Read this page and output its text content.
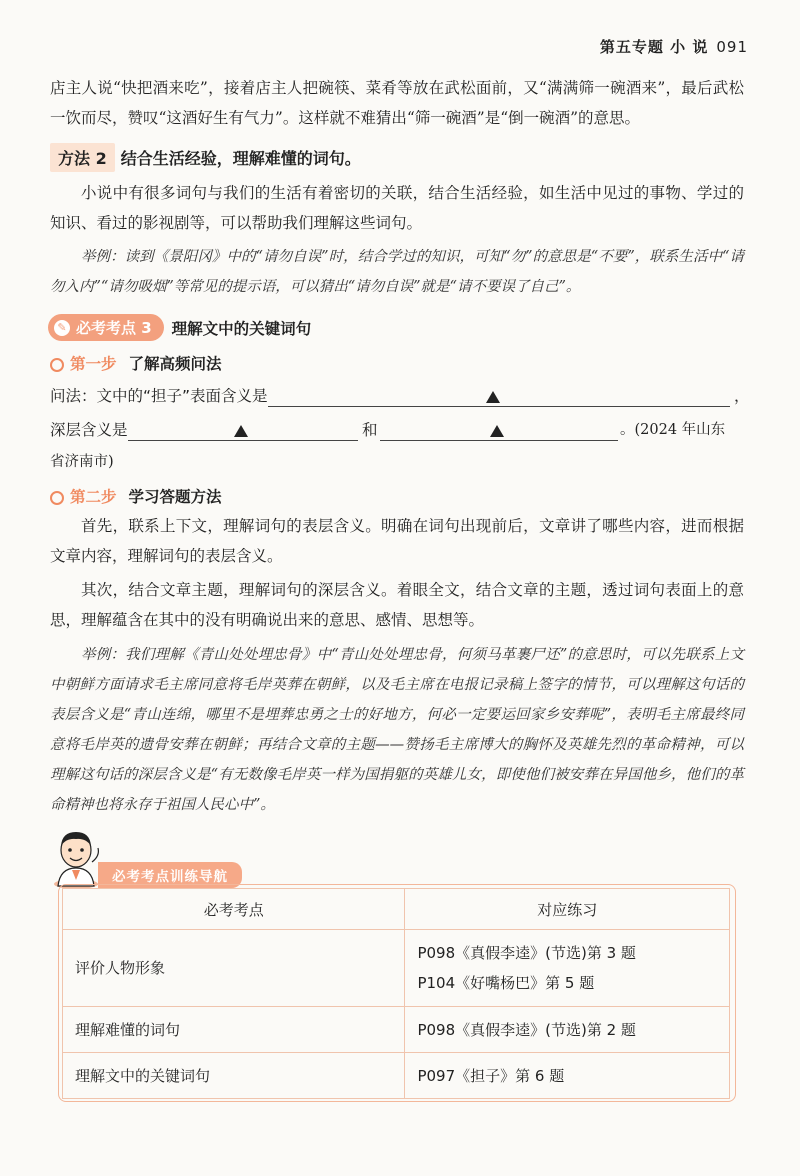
第五专题 小 说 091
店主人说“快把酒来吃”，接着店主人把碗筷、菜肴等放在武松面前，又“满满筛一碗酒来”，最后武松一饮而尽，赞叹“这酒好生有气力”。这样就不难猜出“筛一碗酒”是“倒一碗酒”的意思。
方法 2 结合生活经验，理解难懂的词句。
小说中有很多词句与我们的生活有着密切的关联，结合生活经验，如生活中见过的事物、学过的知识、看过的影视剧等，可以帮助我们理解这些词句。
举例：读到《景阳冈》中的“请勿自误”时，结合学过的知识，可知“勿”的意思是“不要”，联系生活中“请勿入内”“请勿吸烟”等常见的提示语，可以猜出“请勿自误”就是“请不要误了自己”。
✎ 必考考点 3 理解文中的关键词句
第一步 了解高频问法
问法：文中的“担子”表面含义是	，
深层含义是	和	。(2024 年山东
省济南市)
第二步 学习答题方法
首先，联系上下文，理解词句的表层含义。明确在词句出现前后，文章讲了哪些内容，进而根据文章内容，理解词句的表层含义。
其次，结合文章主题，理解词句的深层含义。着眼全文，结合文章的主题，透过词句表面上的意思，理解蕴含在其中的没有明确说出来的意思、感情、思想等。
举例：我们理解《青山处处埋忠骨》中“青山处处埋忠骨，何须马革裹尸还”的意思时，可以先联系上文中朝鲜方面请求毛主席同意将毛岸英葬在朝鲜，以及毛主席在电报记录稿上签字的情节，可以理解这句话的表层含义是“青山连绵，哪里不是埋葬忠勇之士的好地方，何必一定要运回家乡安葬呢”，表明毛主席最终同意将毛岸英的遗骨安葬在朝鲜；再结合文章的主题——赞扬毛主席博大的胸怀及英雄先烈的革命精神，可以理解这句话的深层含义是“有无数像毛岸英一样为国捐躯的英雄儿女，即使他们被安葬在异国他乡，他们的革命精神也将永存于祖国人民心中”。
必考考点训练导航
必考考点	对应练习
评价人物形象	P098《真假李逵》(节选)第 3 题
P104《好嘴杨巴》第 5 题

理解难懂的词句	P098《真假李逵》(节选)第 2 题

理解文中的关键词句	P097《担子》第 6 题
